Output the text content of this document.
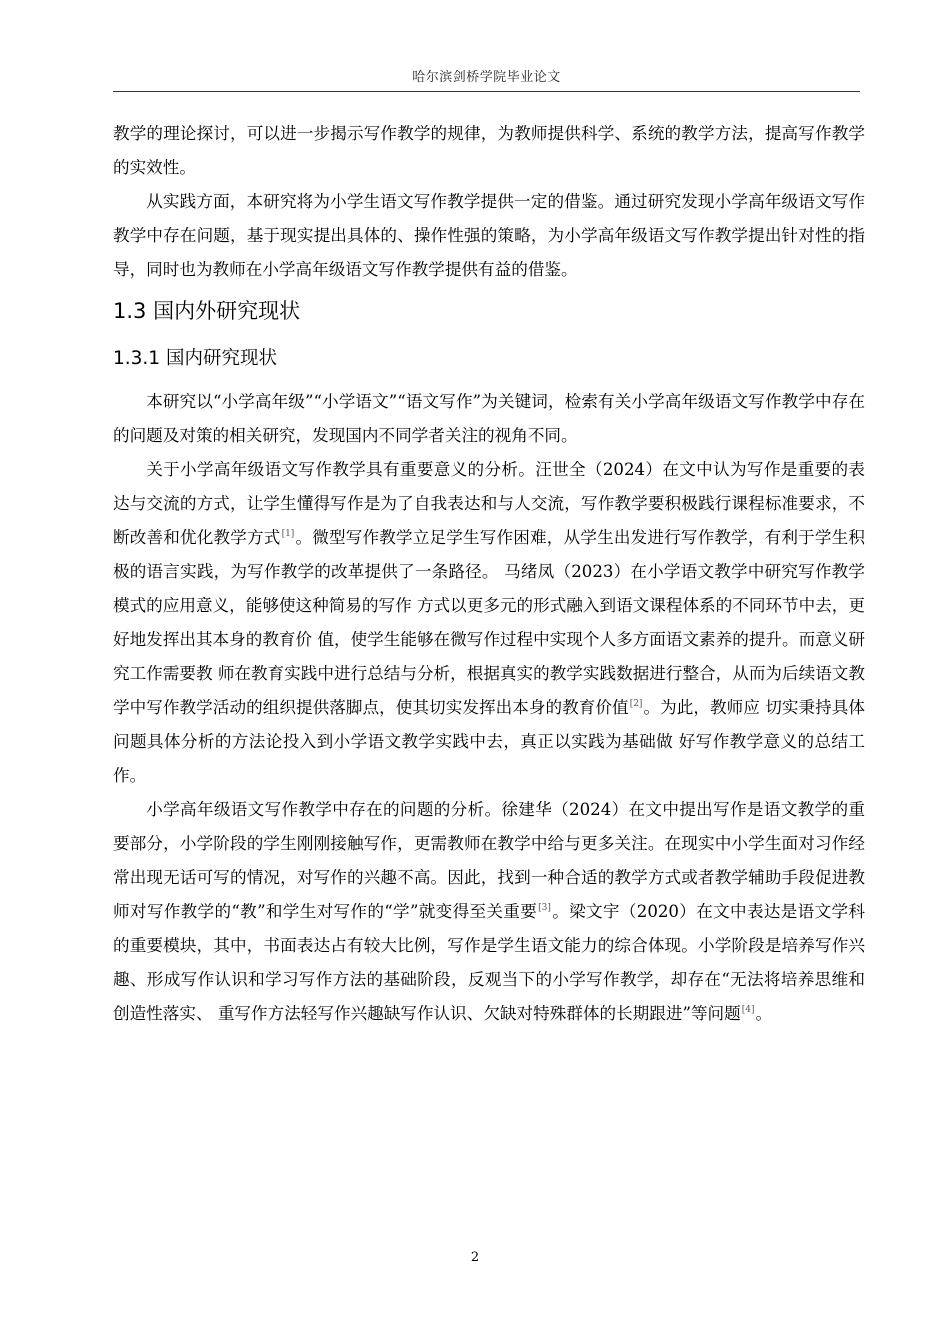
哈尔滨剑桥学院毕业论文

教学的理论探讨，可以进一步揭示写作教学的规律，为教师提供科学、系统的教学方法，提高写作教学的实效性。

从实践方面，本研究将为小学生语文写作教学提供一定的借鉴。通过研究发现小学高年级语文写作教学中存在问题，基于现实提出具体的、操作性强的策略，为小学高年级语文写作教学提出针对性的指导，同时也为教师在小学高年级语文写作教学提供有益的借鉴。

1.3 国内外研究现状
1.3.1 国内研究现状

本研究以“小学高年级”“小学语文”“语文写作”为关键词，检索有关小学高年级语文写作教学中存在的问题及对策的相关研究，发现国内不同学者关注的视角不同。

关于小学高年级语文写作教学具有重要意义的分析。汪世全（2024）在文中认为写作是重要的表达与交流的方式，让学生懂得写作是为了自我表达和与人交流，写作教学要积极践行课程标准要求，不断改善和优化教学方式[1]。微型写作教学立足学生写作困难，从学生出发进行写作教学，有利于学生积极的语言实践，为写作教学的改革提供了一条路径。 马绪凤（2023）在小学语文教学中研究写作教学模式的应用意义，能够使这种简易的写作 方式以更多元的形式融入到语文课程体系的不同环节中去，更好地发挥出其本身的教育价 值，使学生能够在微写作过程中实现个人多方面语文素养的提升。而意义研究工作需要教 师在教育实践中进行总结与分析，根据真实的教学实践数据进行整合，从而为后续语文教 学中写作教学活动的组织提供落脚点，使其切实发挥出本身的教育价值[2]。为此，教师应 切实秉持具体问题具体分析的方法论投入到小学语文教学实践中去，真正以实践为基础做 好写作教学意义的总结工作。

小学高年级语文写作教学中存在的问题的分析。徐建华（2024）在文中提出写作是语文教学的重要部分，小学阶段的学生刚刚接触写作，更需教师在教学中给与更多关注。在现实中小学生面对习作经常出现无话可写的情况，对写作的兴趣不高。因此，找到一种合适的教学方式或者教学辅助手段促进教师对写作教学的“教”和学生对写作的“学”就变得至关重要[3]。梁文宇（2020）在文中表达是语文学科的重要模块，其中，书面表达占有较大比例，写作是学生语文能力的综合体现。小学阶段是培养写作兴趣、形成写作认识和学习写作方法的基础阶段，反观当下的小学写作教学，却存在“无法将培养思维和创造性落实、 重写作方法轻写作兴趣缺写作认识、欠缺对特殊群体的长期跟进”等问题[4]。

2
